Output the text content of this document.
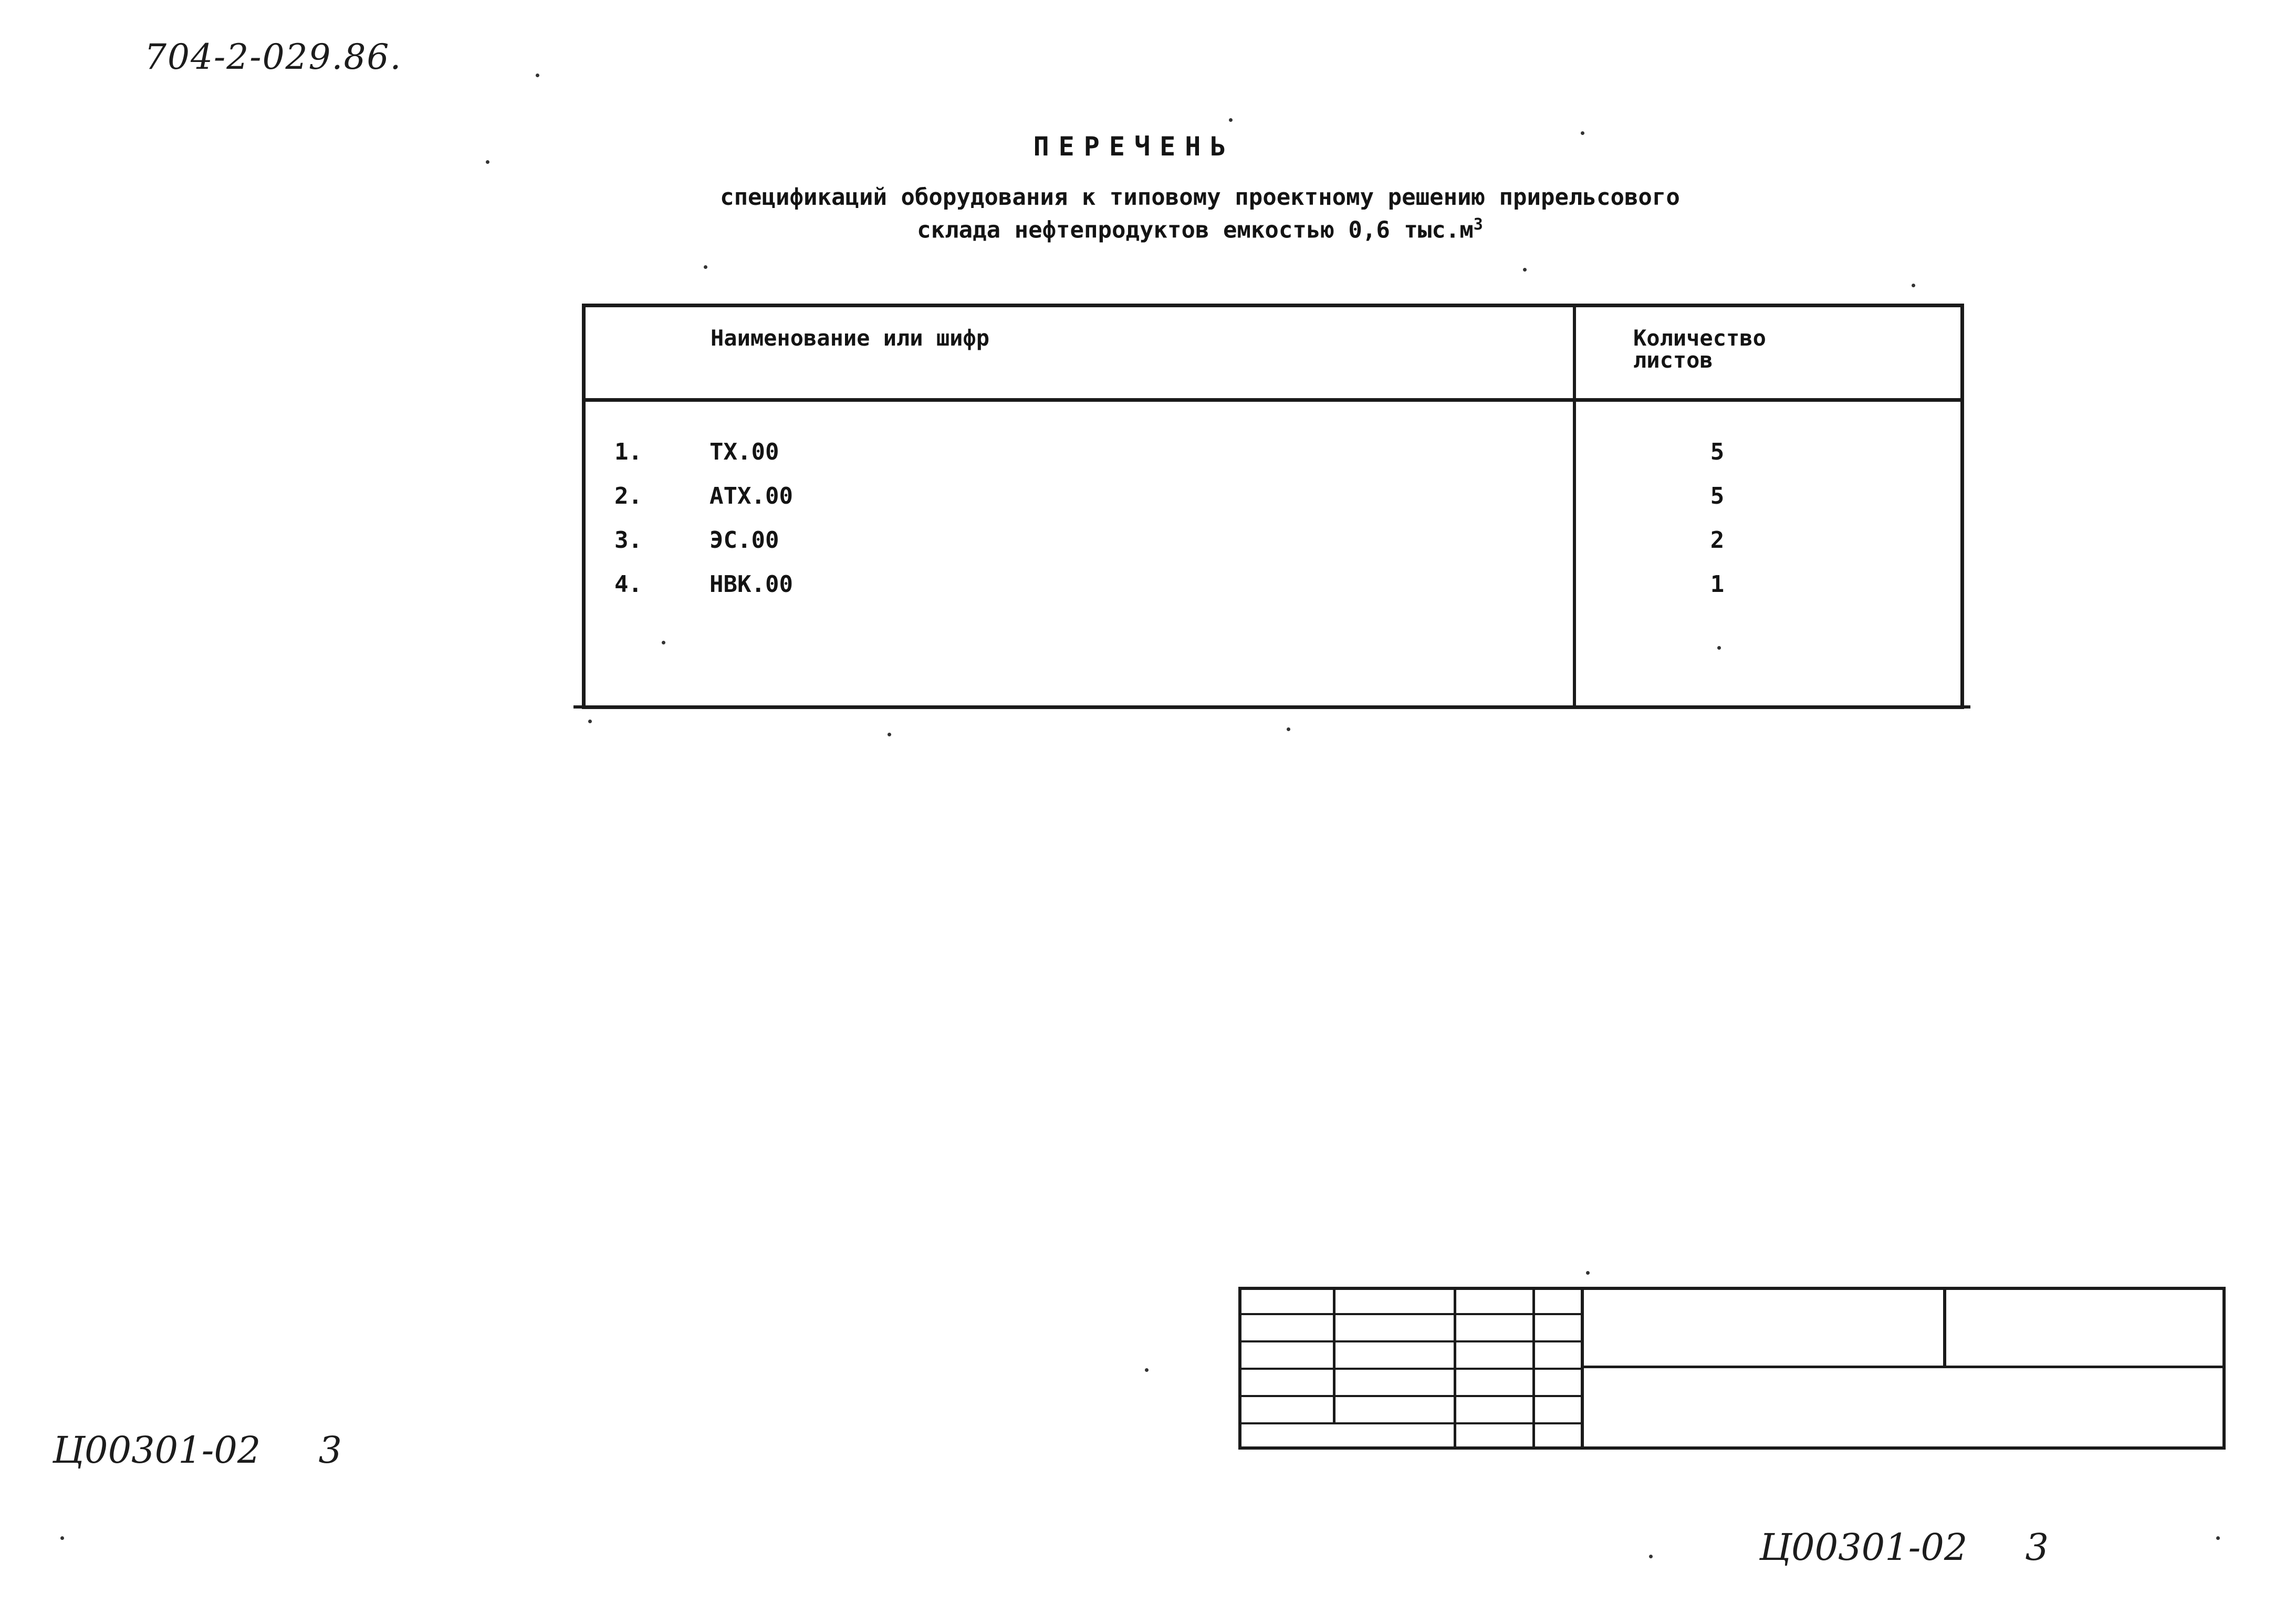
704-2-029.86.
ПЕРЕЧЕНЬ
спецификаций оборудования к типовому проектному решению прирельсового
склада нефтепродуктов емкостью 0,6 $тыс.м^3$
Наименование или шифр	Количество
листов
1.	ТХ.00	5
2.	АТХ.00	5
3.	ЭС.00	2
4.	НВК.00	1
Ц00301-02 3
Ц00301-02 3
